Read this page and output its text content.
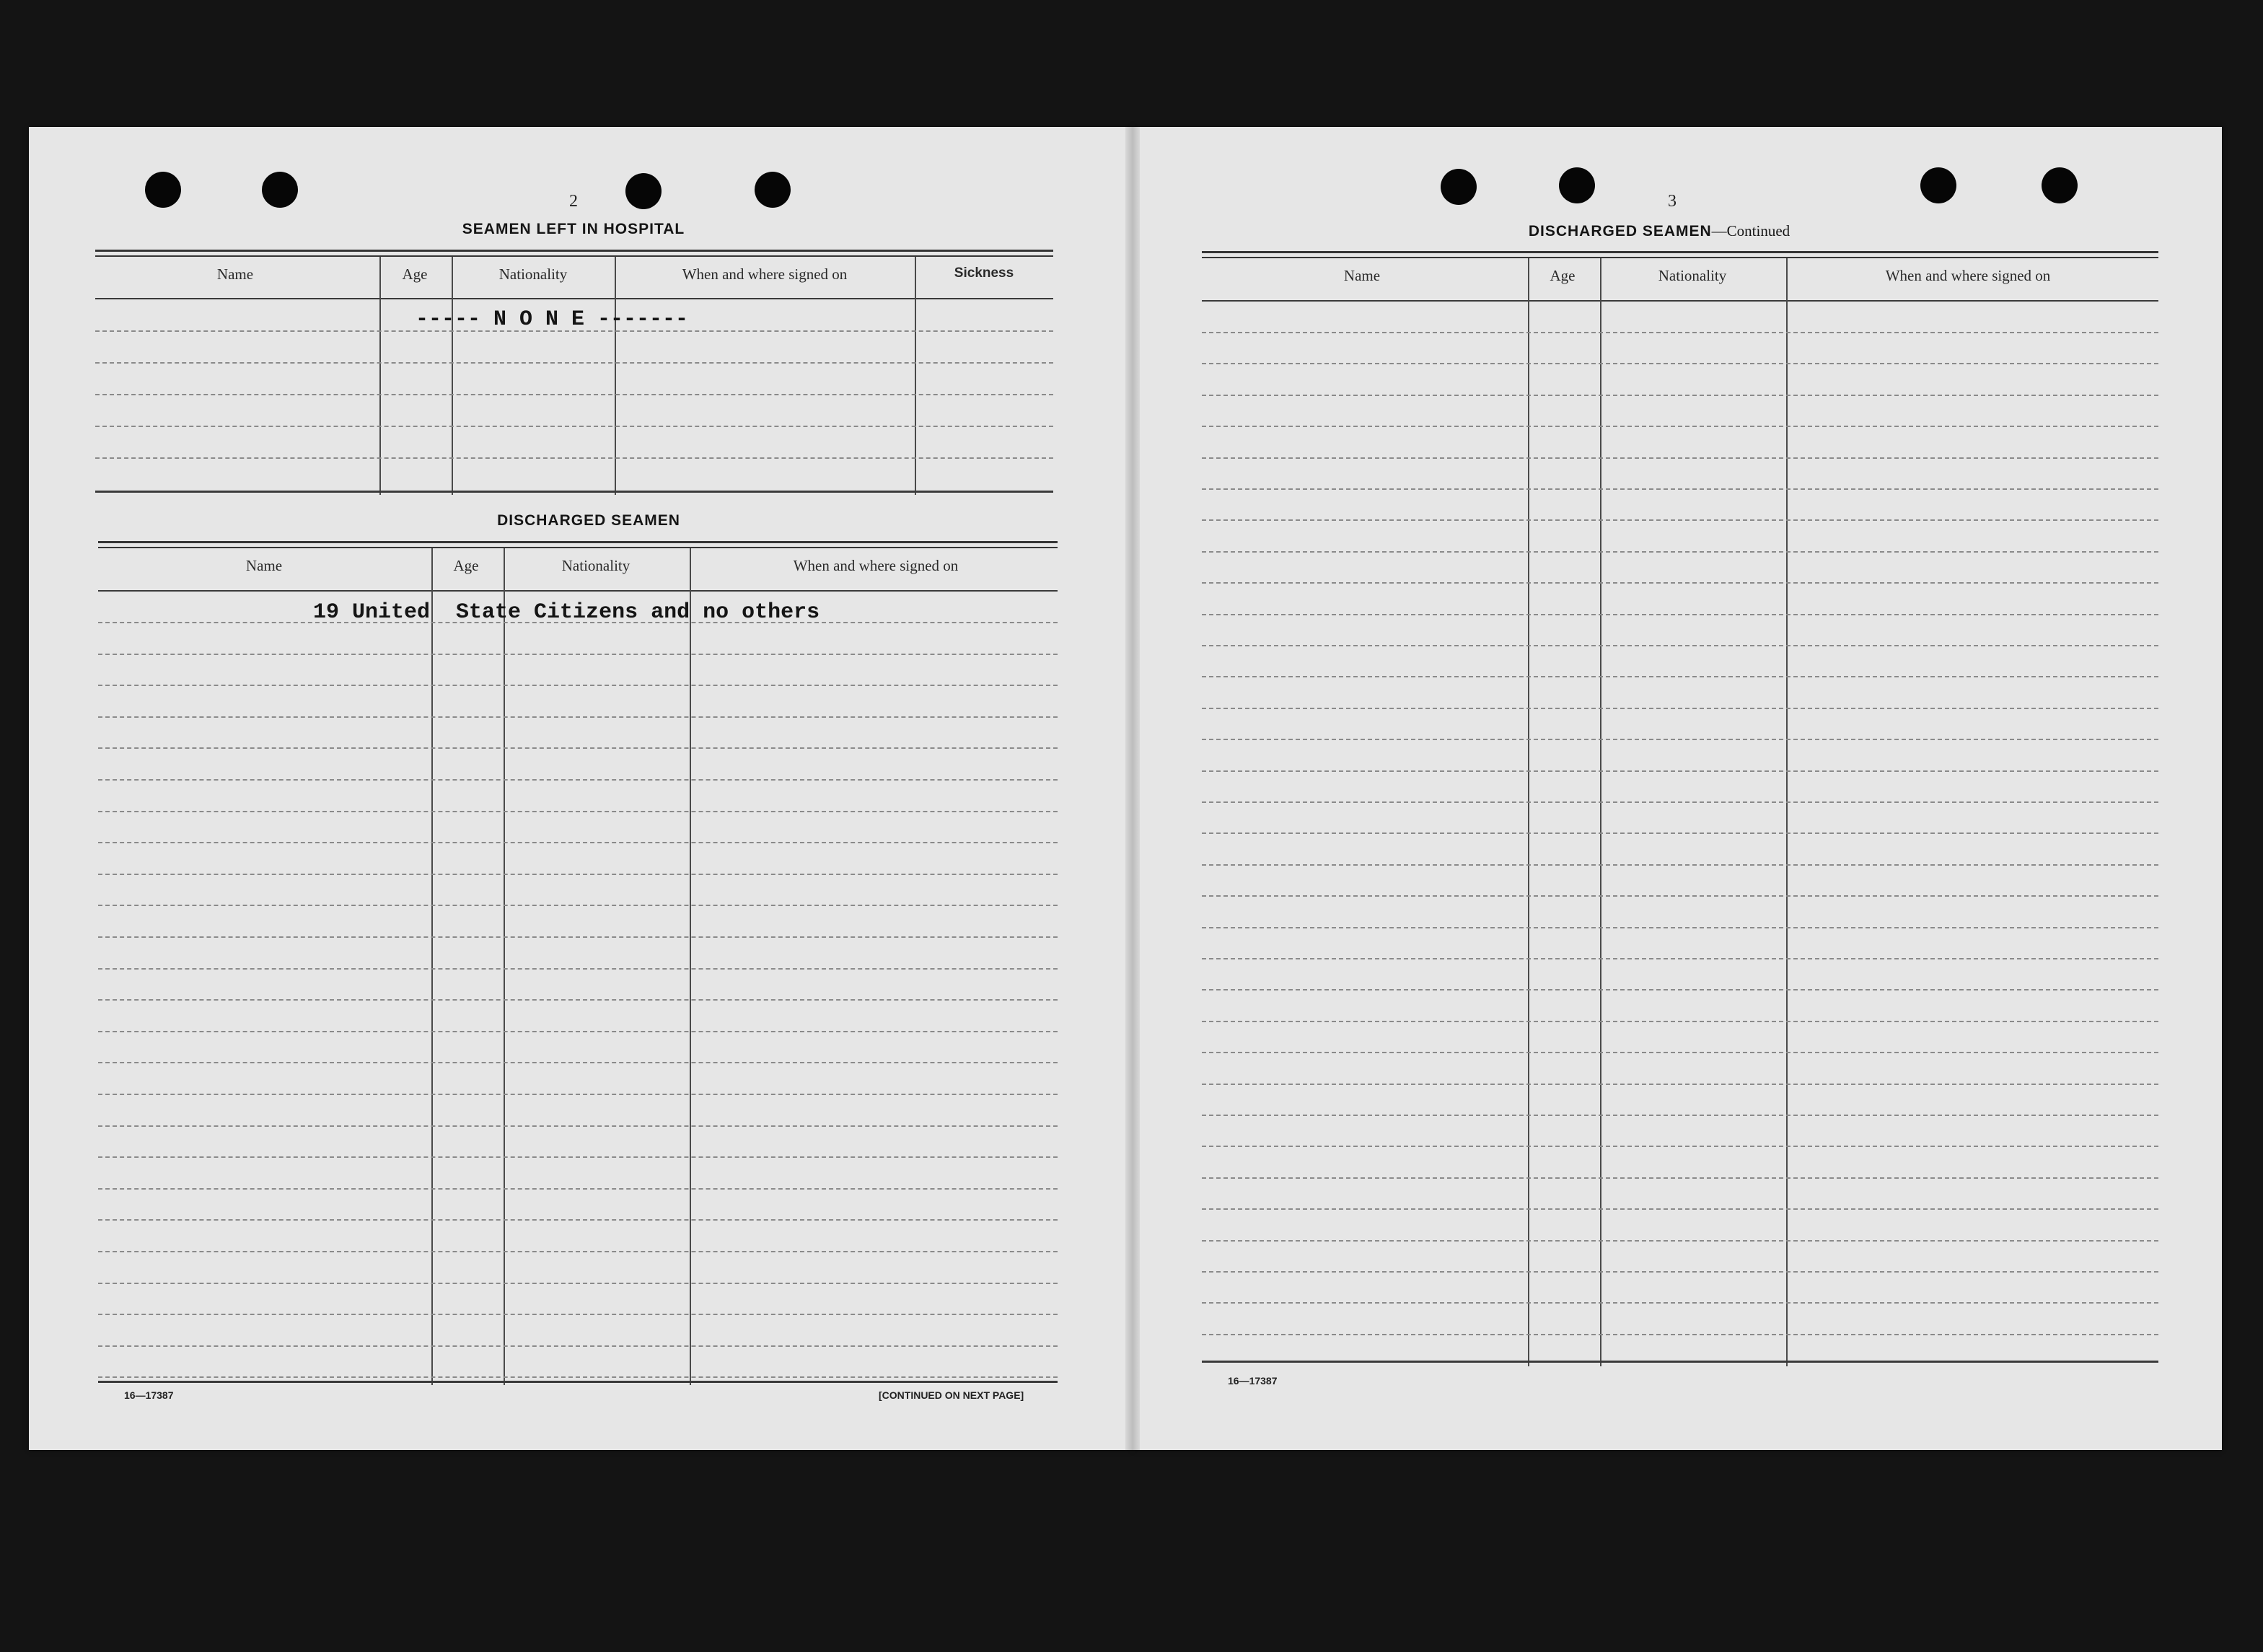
2
SEAMEN LEFT IN HOSPITAL
Name	Age	Nationality	When and where signed on	Sickness
----- N O N E -------
DISCHARGED SEAMEN
Name	Age	Nationality	When and where signed on
19 United  State Citizens and no others
16—17387	[CONTINUED ON NEXT PAGE]
3
DISCHARGED SEAMEN—Continued
Name	Age	Nationality	When and where signed on
16—17387
